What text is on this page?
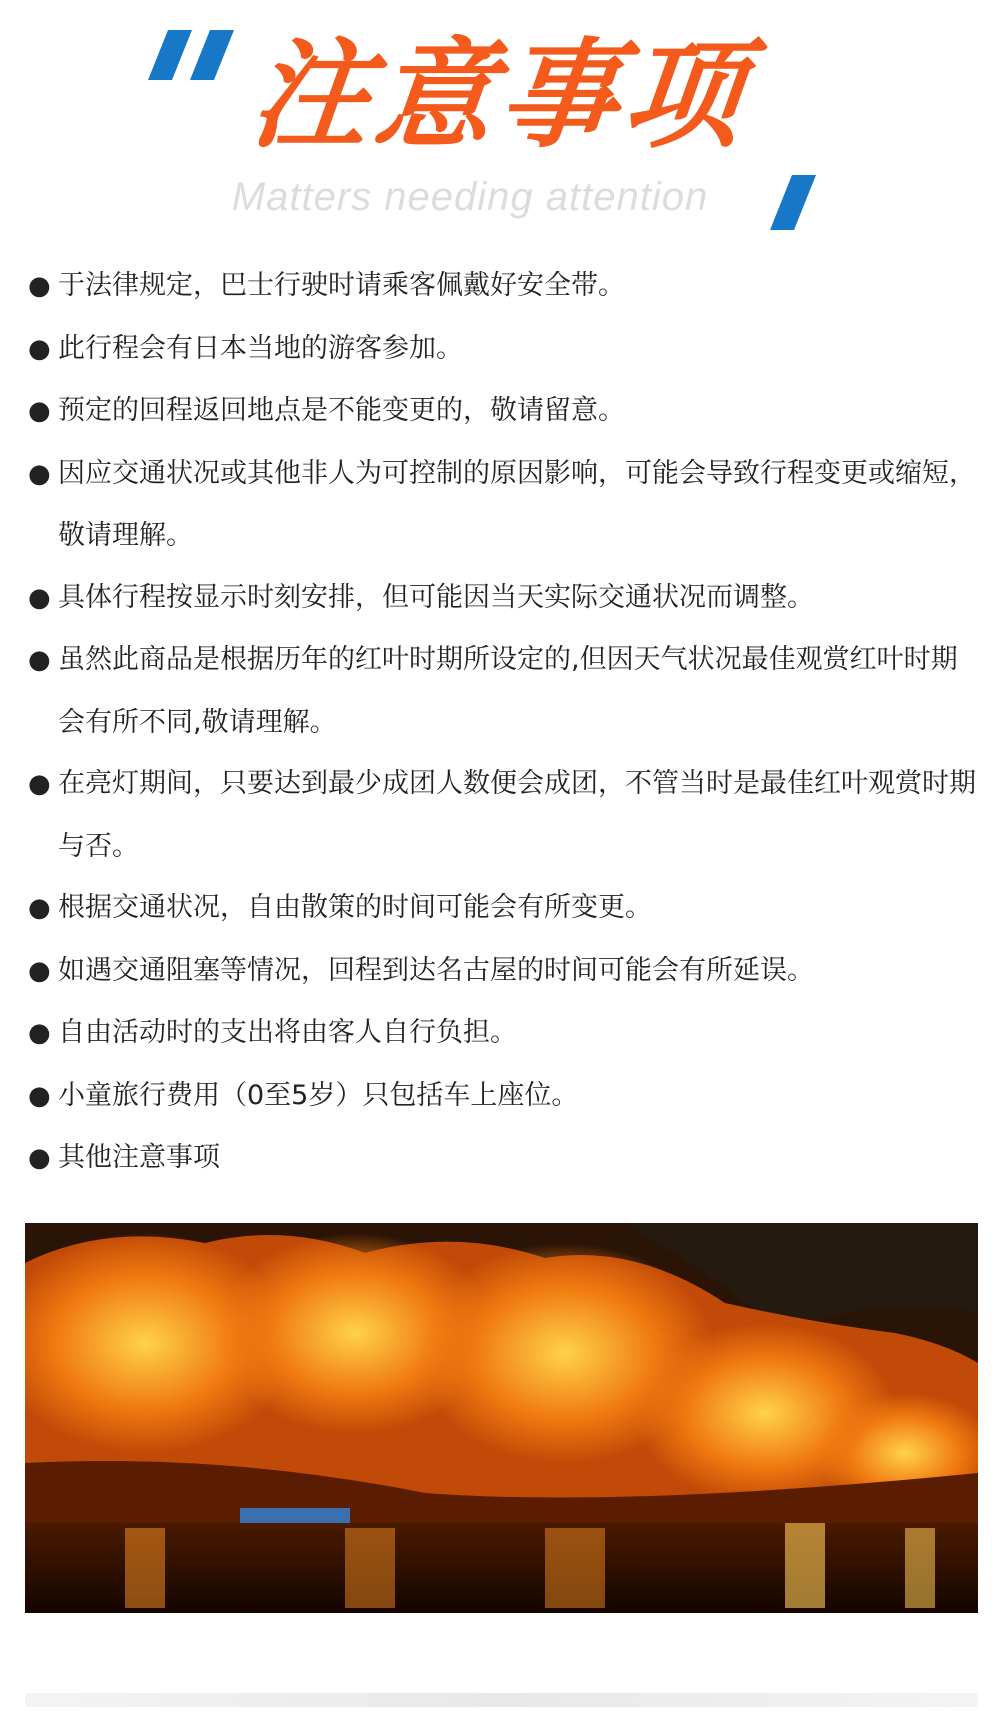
注意事项
Matters needing attention

● 于法律规定，巴士行驶时请乘客佩戴好安全带。

● 此行程会有日本当地的游客参加。

● 预定的回程返回地点是不能变更的，敬请留意。

● 因应交通状况或其他非人为可控制的原因影响，可能会导致行程变更或缩短，敬请理解。

● 具体行程按显示时刻安排，但可能因当天实际交通状况而调整。

● 虽然此商品是根据历年的红叶时期所设定的,但因天气状况最佳观赏红叶时期会有所不同,敬请理解。

● 在亮灯期间，只要达到最少成团人数便会成团，不管当时是最佳红叶观赏时期与否。

● 根据交通状况，自由散策的时间可能会有所变更。

● 如遇交通阻塞等情况，回程到达名古屋的时间可能会有所延误。

● 自由活动时的支出将由客人自行负担。

● 小童旅行费用（0至5岁）只包括车上座位。

● 其他注意事项
